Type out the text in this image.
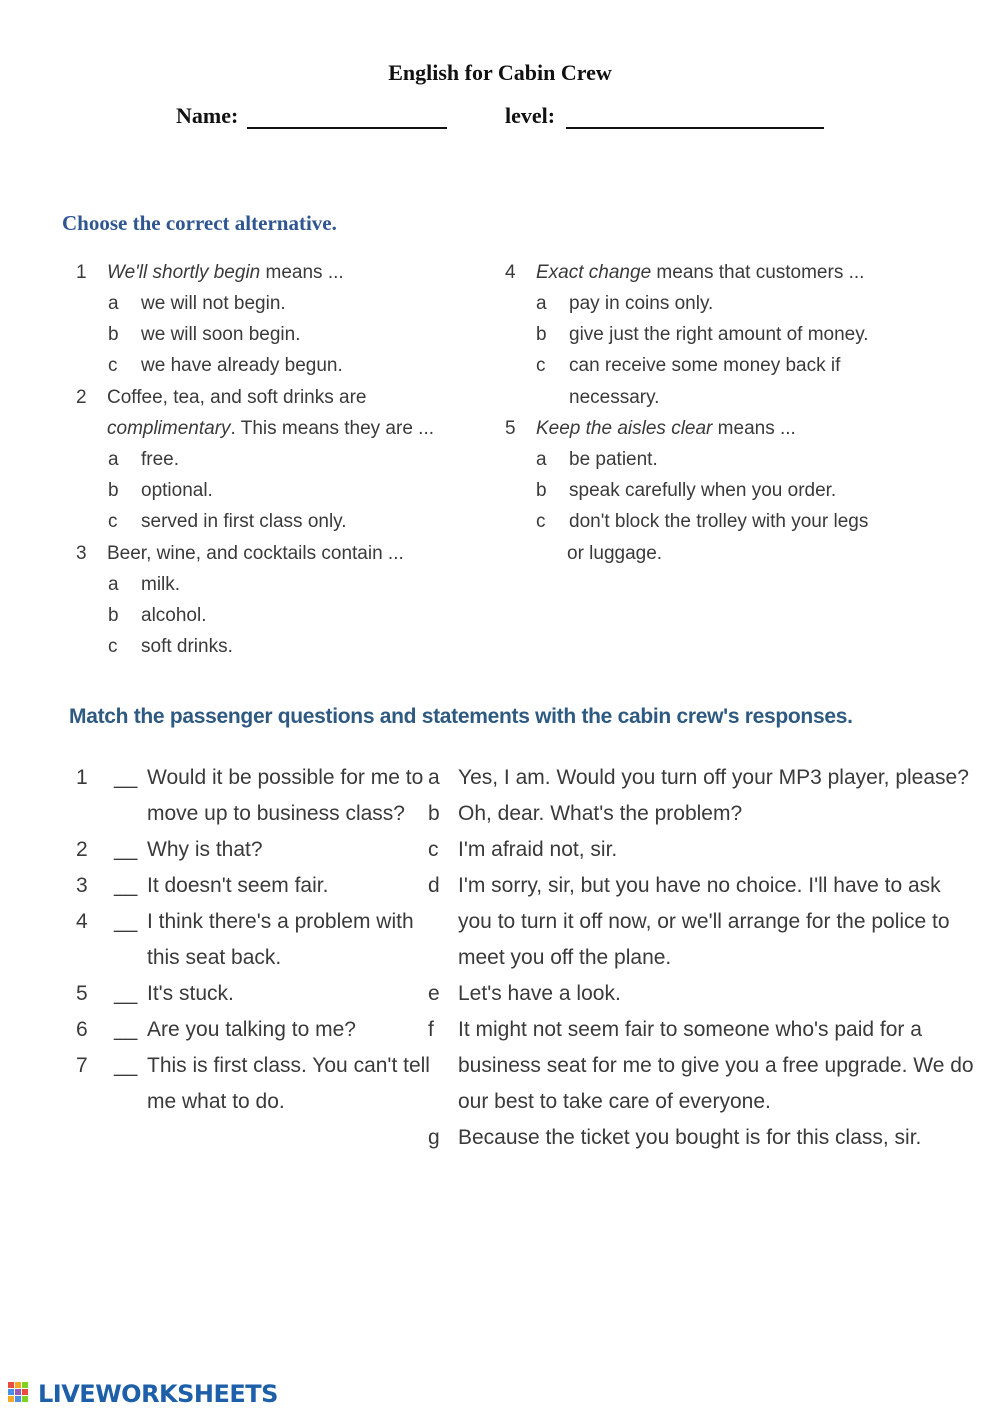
English for Cabin Crew
Name:	level:
Choose the correct alternative.
1 We'll shortly begin means ...
a we will not begin.
b we will soon begin.
c we have already begun.
2 Coffee, tea, and soft drinks are
complimentary. This means they are ...
a free.
b optional.
c served in first class only.
3 Beer, wine, and cocktails contain ...
a milk.
b alcohol.
c soft drinks.
4 Exact change means that customers ...
a pay in coins only.
b give just the right amount of money.
c can receive some money back if
necessary.
5 Keep the aisles clear means ...
a be patient.
b speak carefully when you order.
c don't block the trolley with your legs
or luggage.
Match the passenger questions and statements with the cabin crew's responses.
1 __ Would it be possible for me to
move up to business class?
2 __ Why is that?
3 __ It doesn't seem fair.
4 __ I think there's a problem with
this seat back.
5 __ It's stuck.
6 __ Are you talking to me?
7 __ This is first class. You can't tell
me what to do.
a Yes, I am. Would you turn off your MP3 player, please?
b Oh, dear. What's the problem?
c I'm afraid not, sir.
d I'm sorry, sir, but you have no choice. I'll have to ask
you to turn it off now, or we'll arrange for the police to
meet you off the plane.
e Let's have a look.
f It might not seem fair to someone who's paid for a
business seat for me to give you a free upgrade. We do
our best to take care of everyone.
g Because the ticket you bought is for this class, sir.
LIVEWORKSHEETS
